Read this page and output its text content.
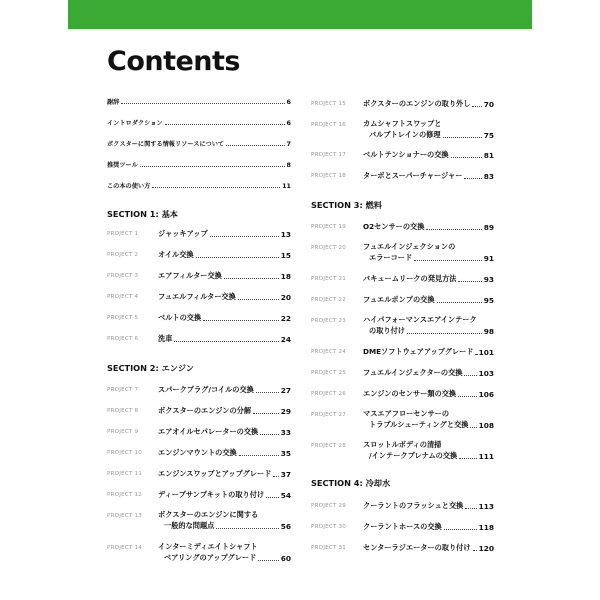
Contents
謝辞	6
イントロダクション	6
ポクスターに関する情報リソースについて	7
推奨ツール	8
この本の使い方	11
SECTION 1: 基本
PROJECT 1	ジャッキアップ	13
PROJECT 2	オイル交換	15
PROJECT 3	エアフィルター交換	18
PROJECT 4	フュエルフィルター交換	20
PROJECT 5	ベルトの交換	22
PROJECT 6	洗車	24
SECTION 2: エンジン
PROJECT 7	スパークプラグ/コイルの交換	27
PROJECT 8	ボクスターのエンジンの分解	29
PROJECT 9	エアオイルセパレーターの交換	33
PROJECT 10 エンジンマウントの交換	35
PROJECT 11 エンジンスワップとアップグレード 37
PROJECT 12 ディープサンプキットの取り付け 54
PROJECT 13 ボクスターのエンジンに関する
一般的な問題点	56
PROJECT 14 インターミディエイトシャフト
ベアリングのアップグレード	60
PROJECT 15 ボクスターのエンジンの取り外し 70
PROJECT 16 カムシャフトスワップと
バルブトレインの修理	75
PROJECT 17 ベルトテンショナーの交換	81
PROJECT 18 ターボとスーパーチャージャー	83
SECTION 3: 燃料
PROJECT 19 O2センサーの交換	89
PROJECT 20 フュエルインジェクションの
エラーコード	91
PROJECT 21 バキュームリークの発見方法	93
PROJECT 22 フュエルポンプの交換	95
PROJECT 23 ハイパフォーマンスエアインテーク
の取り付け	98
PROJECT 24 DMEソフトウェアアップグレード 101
PROJECT 25 フュエルインジェクターの交換 103
PROJECT 26 エンジンのセンサー類の交換	106
PROJECT 27 マスエアフローセンサーの
トラブルシューティングと交換 108
PROJECT 28 スロットルボディの清掃
/インテークプレナムの交換	111
SECTION 4: 冷却水
PROJECT 29 クーラントのフラッシュと交換 113
PROJECT 30 クーラントホースの交換	118
PROJECT 31 センターラジエーターの取り付け 120
